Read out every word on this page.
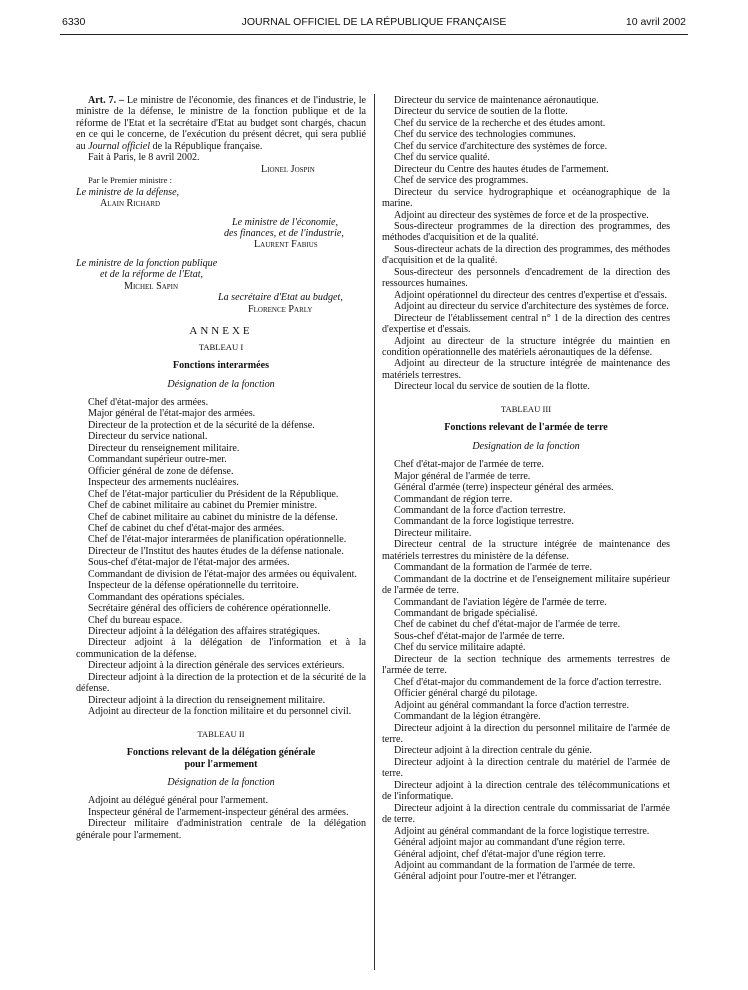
6330	JOURNAL OFFICIEL DE LA RÉPUBLIQUE FRANÇAISE	10 avril 2002

Art. 7. – Le ministre de l'économie, des finances et de l'industrie, le ministre de la défense, le ministre de la fonction publique et de la réforme de l'Etat et la secrétaire d'Etat au budget sont chargés, chacun en ce qui le concerne, de l'exécution du présent décret, qui sera publié au Journal officiel de la République française.

Fait à Paris, le 8 avril 2002.

Lionel Jospin

Par le Premier ministre :

Le ministre de la défense,

Alain Richard

Le ministre de l'économie,

des finances, et de l'industrie,

Laurent Fabius

Le ministre de la fonction publique

et de la réforme de l'Etat,

Michel Sapin

La secrétaire d'Etat au budget,

Florence Parly

ANNEXE

TABLEAU I

Fonctions interarmées

Désignation de la fonction

Chef d'état-major des armées.

Major général de l'état-major des armées.

Directeur de la protection et de la sécurité de la défense.

Directeur du service national.

Directeur du renseignement militaire.

Commandant supérieur outre-mer.

Officier général de zone de défense.

Inspecteur des armements nucléaires.

Chef de l'état-major particulier du Président de la République.

Chef de cabinet militaire au cabinet du Premier ministre.

Chef de cabinet militaire au cabinet du ministre de la défense.

Chef de cabinet du chef d'état-major des armées.

Chef de l'état-major interarmées de planification opérationnelle.

Directeur de l'Institut des hautes études de la défense nationale.

Sous-chef d'état-major de l'état-major des armées.

Commandant de division de l'état-major des armées ou équivalent.

Inspecteur de la défense opérationnelle du territoire.

Commandant des opérations spéciales.

Secrétaire général des officiers de cohérence opérationnelle.

Chef du bureau espace.

Directeur adjoint à la délégation des affaires stratégiques.

Directeur adjoint à la délégation de l'information et à la communication de la défense.

Directeur adjoint à la direction générale des services extérieurs.

Directeur adjoint à la direction de la protection et de la sécurité de la défense.

Directeur adjoint à la direction du renseignement militaire.

Adjoint au directeur de la fonction militaire et du personnel civil.

TABLEAU II

Fonctions relevant de la délégation générale

pour l'armement

Désignation de la fonction

Adjoint au délégué général pour l'armement.

Inspecteur général de l'armement-inspecteur général des armées.

Directeur militaire d'administration centrale de la délégation générale pour l'armement.

Directeur du service de maintenance aéronautique.

Directeur du service de soutien de la flotte.

Chef du service de la recherche et des études amont.

Chef du service des technologies communes.

Chef du service d'architecture des systèmes de force.

Chef du service qualité.

Directeur du Centre des hautes études de l'armement.

Chef de service des programmes.

Directeur du service hydrographique et océanographique de la marine.

Adjoint au directeur des systèmes de force et de la prospective.

Sous-directeur programmes de la direction des programmes, des méthodes d'acquisition et de la qualité.

Sous-directeur achats de la direction des programmes, des méthodes d'acquisition et de la qualité.

Sous-directeur des personnels d'encadrement de la direction des ressources humaines.

Adjoint opérationnel du directeur des centres d'expertise et d'essais.

Adjoint au directeur du service d'architecture des systèmes de force.

Directeur de l'établissement central n° 1 de la direction des centres d'expertise et d'essais.

Adjoint au directeur de la structure intégrée du maintien en condition opérationnelle des matériels aéronautiques de la défense.

Adjoint au directeur de la structure intégrée de maintenance des matériels terrestres.

Directeur local du service de soutien de la flotte.

TABLEAU III

Fonctions relevant de l'armée de terre

Designation de la fonction

Chef d'état-major de l'armée de terre.

Major général de l'armée de terre.

Général d'armée (terre) inspecteur général des armées.

Commandant de région terre.

Commandant de la force d'action terrestre.

Commandant de la force logistique terrestre.

Directeur militaire.

Directeur central de la structure intégrée de maintenance des matériels terrestres du ministère de la défense.

Commandant de la formation de l'armée de terre.

Commandant de la doctrine et de l'enseignement militaire supérieur de l'armée de terre.

Commandant de l'aviation légère de l'armée de terre.

Commandant de brigade spécialisé.

Chef de cabinet du chef d'état-major de l'armée de terre.

Sous-chef d'état-major de l'armée de terre.

Chef du service militaire adapté.

Directeur de la section technique des armements terrestres de l'armée de terre.

Chef d'état-major du commandement de la force d'action terrestre.

Officier général chargé du pilotage.

Adjoint au général commandant la force d'action terrestre.

Commandant de la légion étrangère.

Directeur adjoint à la direction du personnel militaire de l'armée de terre.

Directeur adjoint à la direction centrale du génie.

Directeur adjoint à la direction centrale du matériel de l'armée de terre.

Directeur adjoint à la direction centrale des télécommunications et de l'informatique.

Directeur adjoint à la direction centrale du commissariat de l'armée de terre.

Adjoint au général commandant de la force logistique terrestre.

Général adjoint major au commandant d'une région terre.

Général adjoint, chef d'état-major d'une région terre.

Adjoint au commandant de la formation de l'armée de terre.

Général adjoint pour l'outre-mer et l'étranger.
